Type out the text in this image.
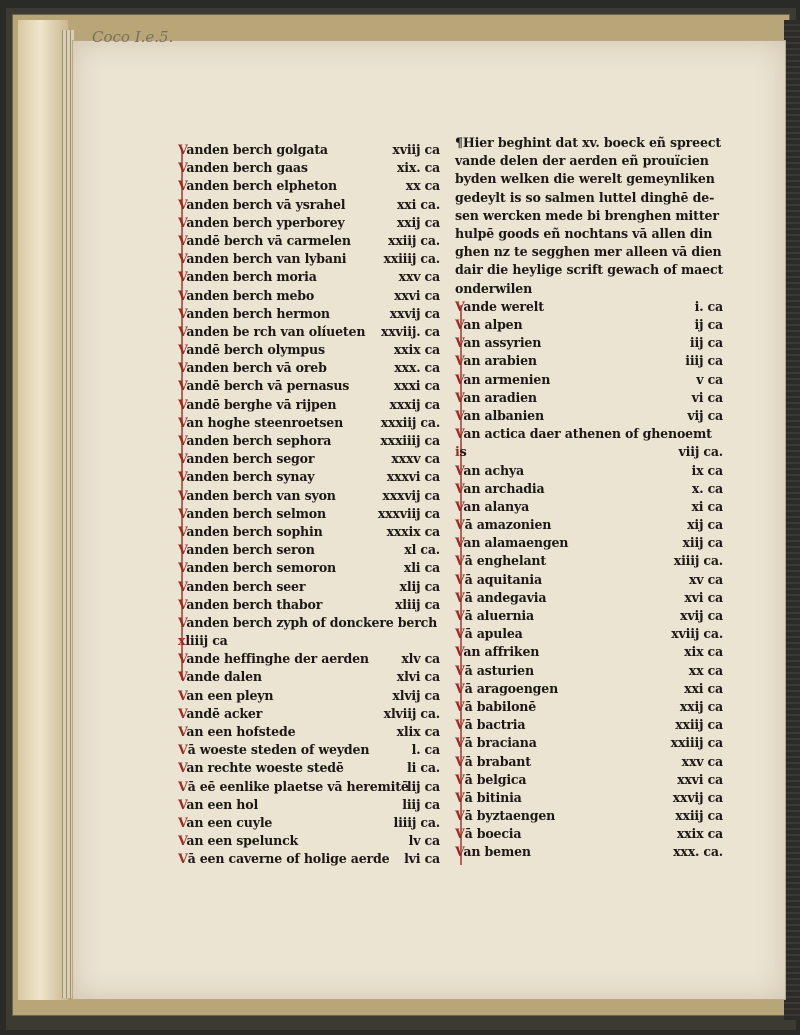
Coco I.e.5.
Vanden berch golgata	xviij ca
Vanden berch gaas	xix. ca
Vanden berch elpheton	xx ca
Vanden berch vā ysrahel	xxi ca.
Vanden berch yperborey	xxij ca
Vandē berch vā carmelen	xxiij ca.
Vanden berch van lybani	xxiiij ca.
Vanden berch moria	xxv ca
Vanden berch mebo	xxvi ca
Vanden berch hermon	xxvij ca
Vanden be rch van olíueten xxviij. ca
Vandē berch olympus	xxix ca
Vanden berch vā oreb	xxx. ca
Vandē berch vā pernasus	xxxi ca
Vandē berghe vā rijpen	xxxij ca
Van hoghe steenroetsen	xxxiij ca.
Vanden berch sephora	xxxiiij ca
Vanden berch segor	xxxv ca
Vanden berch synay	xxxvi ca
Vanden berch van syon	xxxvij ca
Vanden berch selmon	xxxviij ca
Vanden berch sophin	xxxix ca
Vanden berch seron	xl ca.
Vanden berch semoron	xli ca
Vanden berch seer	xlij ca
Vanden berch thabor	xliij ca
Vanden berch zyph of donckere berch
xliiij ca
Vande heffinghe der aerden	xlv ca
Vande dalen	xlvi ca
Van een pleyn	xlvij ca
Vandē acker	xlviij ca.
Van een hofstede	xlix ca
Vā woeste steden of weyden	l. ca
Van rechte woeste stedē	li ca.
Vā eē eenlike plaetse vā heremitē
lij ca
Van een hol	liij ca
Van een cuyle	liiij ca.
Van een spelunck	lv ca
Vā een caverne of holige aerde lvi ca
¶Hier beghint dat xv. boeck eñ spreect
vande delen der aerden eñ prouïcien
byden welken die werelt gemeynliken
gedeylt is so salmen luttel dinghē de-
sen wercken mede bi brenghen mitter
hulpē goods eñ nochtans vā allen din
ghen nz te segghen mer alleen vā dien
dair die heylige scrift gewach of maect
onderwilen
Vande werelt	i. ca
Van alpen	ij ca
Van assyrien	iij ca
Van arabien	iiij ca
Van armenien	v ca
Van aradien	vi ca
Van albanien	vij ca
Van actica daer athenen of ghenoemt
is	viij ca.
Van achya	ix ca
Van archadia	x. ca
Van alanya	xi ca
Vā amazonien	xij ca
Van alamaengen	xiij ca
Vā enghelant	xiiij ca.
Vā aquitania	xv ca
Vā andegavia	xvi ca
Vā aluernia	xvij ca
Vā apulea	xviij ca.
Van affriken	xix ca
Vā asturien	xx ca
Vā aragoengen	xxi ca
Vā babilonē	xxij ca
Vā bactria	xxiij ca
Vā braciana	xxiiij ca
Vā brabant	xxv ca
Vā belgica	xxvi ca
Vā bitinia	xxvij ca
Vā byztaengen	xxiij ca
Vā boecia	xxix ca
Van bemen	xxx. ca.
